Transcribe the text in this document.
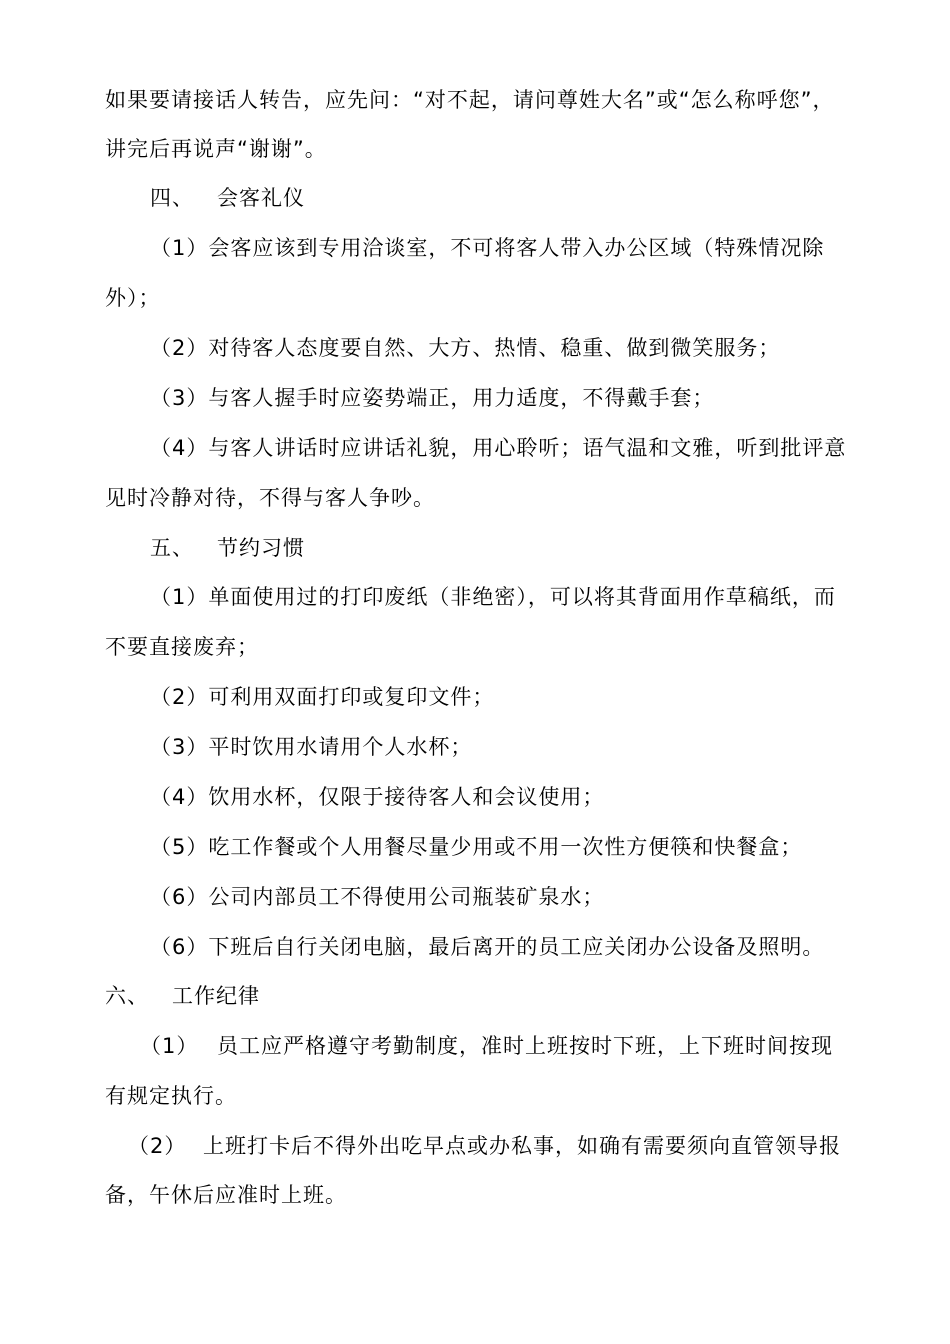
如果要请接话人转告，应先问：“对不起，请问尊姓大名”或“怎么称呼您”，
讲完后再说声“谢谢”。
四、 会客礼仪
（1）会客应该到专用洽谈室，不可将客人带入办公区域（特殊情况除
外）；
（2）对待客人态度要自然、大方、热情、稳重、做到微笑服务；
（3）与客人握手时应姿势端正，用力适度，不得戴手套；
（4）与客人讲话时应讲话礼貌，用心聆听；语气温和文雅，听到批评意
见时冷静对待，不得与客人争吵。
五、 节约习惯
（1）单面使用过的打印废纸（非绝密），可以将其背面用作草稿纸，而
不要直接废弃；
（2）可利用双面打印或复印文件；
（3）平时饮用水请用个人水杯；
（4）饮用水杯，仅限于接待客人和会议使用；
（5）吃工作餐或个人用餐尽量少用或不用一次性方便筷和快餐盒；
（6）公司内部员工不得使用公司瓶装矿泉水；
（6）下班后自行关闭电脑，最后离开的员工应关闭办公设备及照明。
六、 工作纪律
（1） 员工应严格遵守考勤制度，准时上班按时下班，上下班时间按现
有规定执行。
（2） 上班打卡后不得外出吃早点或办私事，如确有需要须向直管领导报
备，午休后应准时上班。
